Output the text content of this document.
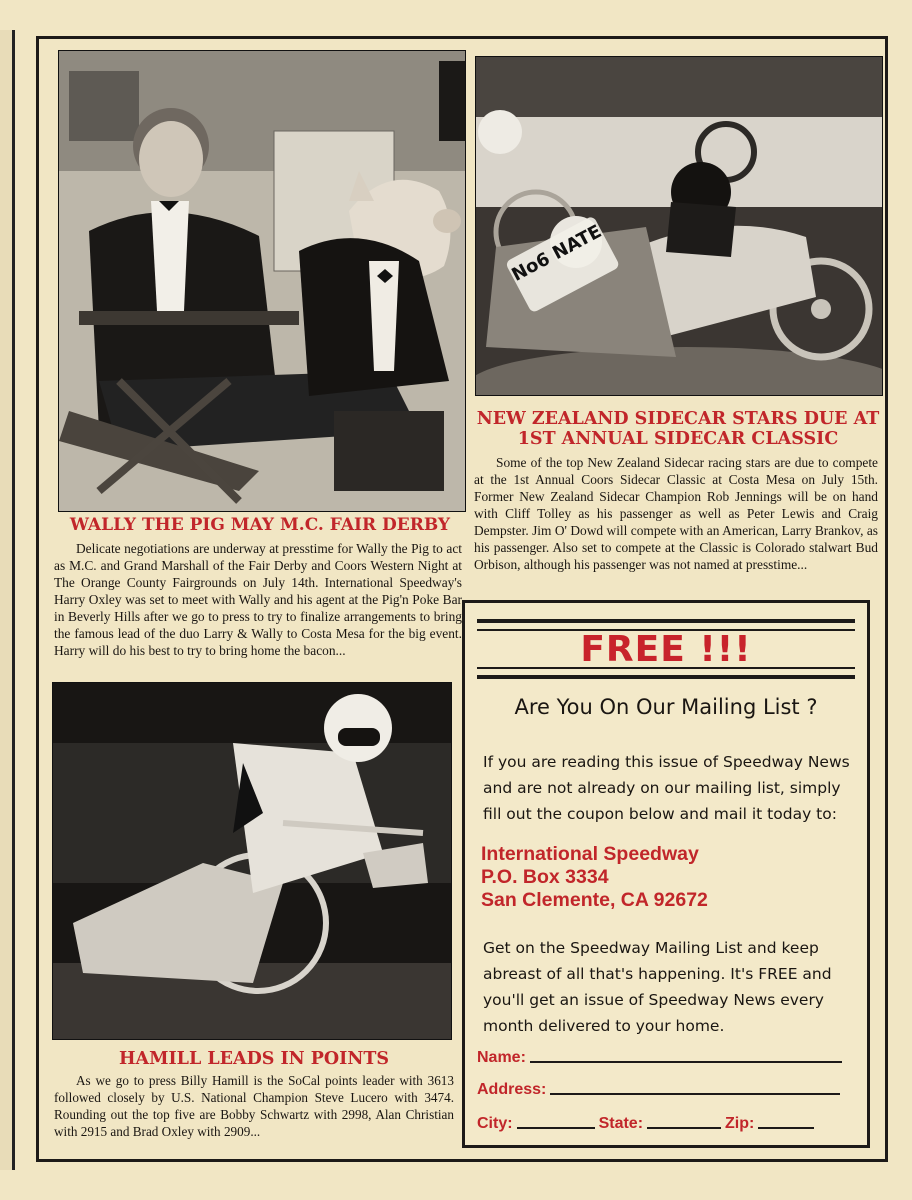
No6 NATE
NEW ZEALAND SIDECAR STARS DUE AT
1ST ANNUAL SIDECAR CLASSIC

Some of the top New Zealand Sidecar racing stars are due to compete at the 1st Annual Coors Sidecar Classic at Costa Mesa on July 15th. Former New Zealand Sidecar Champion Rob Jennings will be on hand with Cliff Tolley as his passenger as well as Peter Lewis and Craig Dempster. Jim O' Dowd will compete with an American, Larry Brankov, as his passenger. Also set to compete at the Classic is Colorado stalwart Bud Orbison, although his passenger was not named at presstime...

WALLY THE PIG MAY M.C. FAIR DERBY

Delicate negotiations are underway at presstime for Wally the Pig to act as M.C. and Grand Marshall of the Fair Derby and Coors Western Night at The Orange County Fairgrounds on July 14th. International Speedway's Harry Oxley was set to meet with Wally and his agent at the Pig'n Poke Bar in Beverly Hills after we go to press to try to finalize arrangements to bring the famous lead of the duo Larry & Wally to Costa Mesa for the big event. Harry will do his best to try to bring home the bacon...

HAMILL LEADS IN POINTS

As we go to press Billy Hamill is the SoCal points leader with 3613 followed closely by U.S. National Champion Steve Lucero with 3474. Rounding out the top five are Bobby Schwartz with 2998, Alan Christian with 2915 and Brad Oxley with 2909...

FREE !!!
Are You On Our Mailing List ?
If you are reading this issue of Speedway News and are not already on our mailing list, simply fill out the coupon below and mail it today to:
International Speedway
P.O. Box 3334
San Clemente, CA 92672
Get on the Speedway Mailing List and keep abreast of all that's happening. It's FREE and you'll get an issue of Speedway News every month delivered to your home.
Name:
Address:
City:	State:	Zip:
